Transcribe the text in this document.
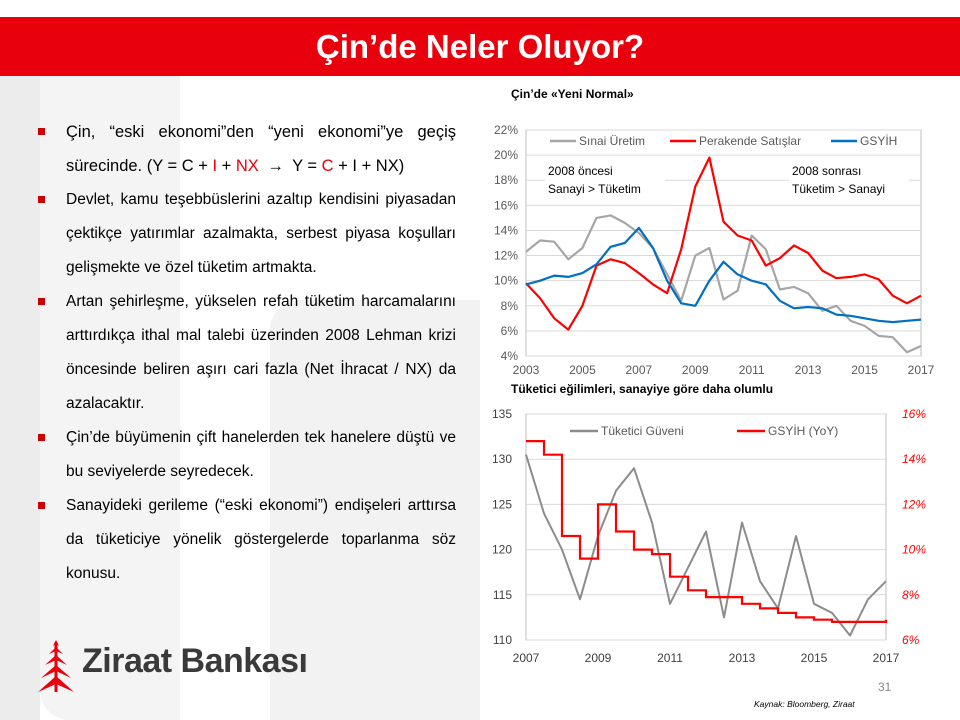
Çin’de Neler Oluyor?
Çin, “eski ekonomi”den “yeni ekonomi”ye geçiş sürecinde. (Y = C + I + NX → Y = C + I + NX)
Devlet, kamu teşebbüslerini azaltıp kendisini piyasadan çektikçe yatırımlar azalmakta, serbest piyasa koşulları gelişmekte ve özel tüketim artmakta.
Artan şehirleşme, yükselen refah tüketim harcamalarını arttırdıkça ithal mal talebi üzerinden 2008 Lehman krizi öncesinde beliren aşırı cari fazla (Net İhracat / NX) da azalacaktır.
Çin’de büyümenin çift hanelerden tek hanelere düştü ve bu seviyelerde seyredecek.
Sanayideki gerileme (“eski ekonomi”) endişeleri arttırsa da tüketiciye yönelik göstergelerde toparlanma söz konusu.
Çin’de «Yeni Normal»
Tüketici eğilimleri, sanayiye göre daha olumlu
4%
6%
8%
10%
12%
14%
16%
18%
20%
22%
2003 2005 2007 2009	2011	2013 2015 2017
Sınai Üretim	Perakende Satışlar	GSYİH
2008 öncesi
Sanayi > Tüketim
2008 sonrası
Tüketim > Sanayi
110
115
120
125
130
135
6%
8%
10%
12%
14%
16%
2007	2009	2011	2013	2015	2017
Tüketici Güveni	GSYİH (YoY)
Ziraat Bankası
31
Kaynak: Bloomberg, Ziraat
